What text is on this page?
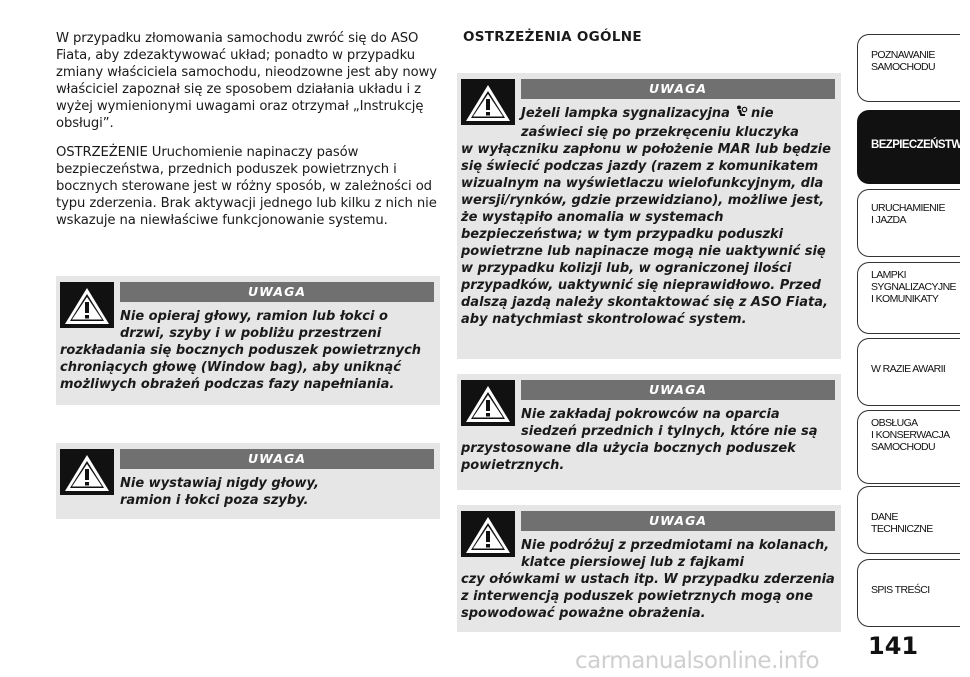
W przypadku złomowania samochodu zwróć się do ASO Fiata, aby zdezaktywować układ; ponadto w przypadku zmiany właściciela samochodu, nieodzowne jest aby nowy właściciel zapoznał się ze sposobem działania układu i z wyżej wymienionymi uwagami oraz otrzymał „Instrukcję obsługi”.

OSTRZEŻENIE Uruchomienie napinaczy pasów bezpieczeństwa, przednich poduszek powietrznych i bocznych sterowane jest w różny sposób, w zależności od typu zderzenia. Brak aktywacji jednego lub kilku z nich nie wskazuje na niewłaściwe funkcjonowanie systemu.

UWAGA
Nie opieraj głowy, ramion lub łokci o drzwi, szyby i w pobliżu przestrzeni
rozkładania się bocznych poduszek powietrznych chroniących głowę (Window bag), aby uniknąć możliwych obrażeń podczas fazy napełniania.
UWAGA
Nie wystawiaj nigdy głowy, ramion i łokci poza szyby.
OSTRZEŻENIA OGÓLNE
UWAGA
Jeżeli lampka sygnalizacyjna nie zaświeci się po przekręceniu kluczyka
w wyłączniku zapłonu w położenie MAR lub będzie się świecić podczas jazdy (razem z komunikatem wizualnym na wyświetlaczu wielofunkcyjnym, dla wersji/rynków, gdzie przewidziano), możliwe jest, że wystąpiło anomalia w systemach bezpieczeństwa; w tym przypadku poduszki powietrzne lub napinacze mogą nie uaktywnić się w przypadku kolizji lub, w ograniczonej ilości przypadków, uaktywnić się nieprawidłowo. Przed dalszą jazdą należy skontaktować się z ASO Fiata, aby natychmiast skontrolować system.
UWAGA
Nie zakładaj pokrowców na oparcia siedzeń przednich i tylnych, które nie są
przystosowane dla użycia bocznych poduszek powietrznych.
UWAGA
Nie podróżuj z przedmiotami na kolanach, klatce piersiowej lub z fajkami
czy ołówkami w ustach itp. W przypadku zderzenia z interwencją poduszek powietrznych mogą one spowodować poważne obrażenia.
POZNAWANIE
SAMOCHODU
BEZPIECZEŃSTWO
URUCHAMIENIE
I JAZDA
LAMPKI
SYGNALIZACYJNE
I KOMUNIKATY
W RAZIE AWARII
OBSŁUGA
I KONSERWACJA
SAMOCHODU
DANE TECHNICZNE
SPIS TREŚCI
141
carmanualsonline.info
